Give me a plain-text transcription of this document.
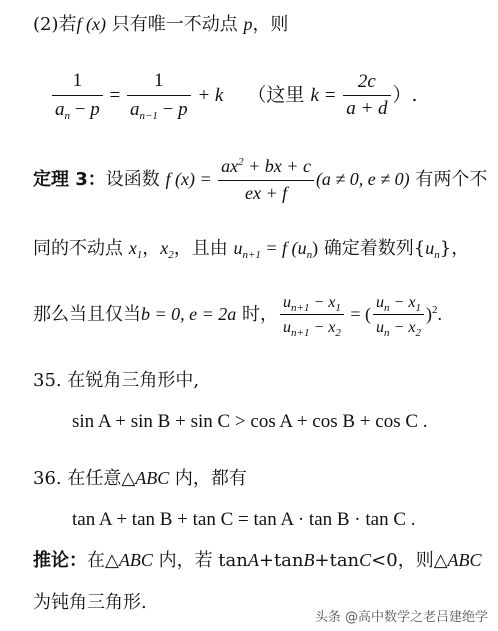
(2)若f (x) 只有唯一不动点 p，则
$\frac{1}{a_n - p} = \frac{1}{a_{n-1} - p} + k$ （这里 $k = \frac{2c}{a + d}$ ）.
定理 3：设函数 f $(x) = \frac{ax^2 + bx + c}{ex + f} (a \ne 0$, e ≠ 0) 有两个不
同的不动点 $x_1$，$x_2$，且由 $u_{n+1} = f$ $(u_n)$ 确定着数列$\{u_n\}$，
那么当且仅当b = 0, e = 2a 时， $\frac{u_{n+1} - x_1}{u_{n+1} - x_2}$ = ( $\frac{u_n - x_1}{u_n - x_2} )^2$.
35. 在锐角三角形中,
sin A + sin B + sin C > cos A + cos B + cos C .
36. 在任意△ABC 内，都有
tan A + tan B + tan C = tan A · tan B · tan C .
推论：在△ABC 内，若 tanA+tanB+tanC<0，则△ABC
为钝角三角形.
头条 @高中数学之老吕建绝学
